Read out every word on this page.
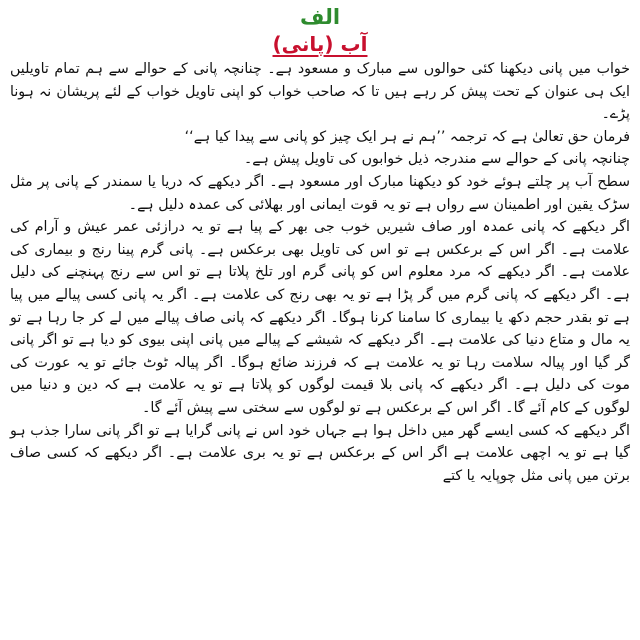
الف
آب (پانی)

خواب میں پانی دیکھنا کئی حوالوں سے مبارک و مسعود ہے۔ چنانچہ پانی کے حوالے سے ہم تمام تاویلیں ایک ہی عنوان کے تحت پیش کر رہے ہیں تا کہ صاحب خواب کو اپنی تاویل خواب کے لئے پریشان نہ ہونا پڑے۔

فرمان حق تعالیٰ ہے کہ ترجمہ ’’ہم نے ہر ایک چیز کو پانی سے پیدا کیا ہے‘‘

چنانچہ پانی کے حوالے سے مندرجہ ذیل خوابوں کی تاویل پیش ہے۔

سطح آب پر چلتے ہوئے خود کو دیکھنا مبارک اور مسعود ہے۔ اگر دیکھے کہ دریا یا سمندر کے پانی پر مثل سڑک یقین اور اطمینان سے رواں ہے تو یہ قوت ایمانی اور بھلائی کی عمدہ دلیل ہے۔

اگر دیکھے کہ پانی عمدہ اور صاف شیریں خوب جی بھر کے پیا ہے تو یہ درازئی عمر عیش و آرام کی علامت ہے۔ اگر اس کے برعکس ہے تو اس کی تاویل بھی برعکس ہے۔ پانی گرم پینا رنج و بیماری کی علامت ہے۔ اگر دیکھے کہ مرد معلوم اس کو پانی گرم اور تلخ پلاتا ہے تو اس سے رنج پہنچنے کی دلیل ہے۔ اگر دیکھے کہ پانی گرم میں گر پڑا ہے تو یہ بھی رنج کی علامت ہے۔ اگر یہ پانی کسی پیالے میں پیا ہے تو بقدر حجم دکھ یا بیماری کا سامنا کرنا ہوگا۔ اگر دیکھے کہ پانی صاف پیالے میں لے کر جا رہا ہے تو یہ مال و متاع دنیا کی علامت ہے۔ اگر دیکھے کہ شیشے کے پیالے میں پانی اپنی بیوی کو دیا ہے تو اگر پانی گر گیا اور پیالہ سلامت رہا تو یہ علامت ہے کہ فرزند ضائع ہوگا۔ اگر پیالہ ٹوٹ جائے تو یہ عورت کی موت کی دلیل ہے۔ اگر دیکھے کہ پانی بلا قیمت لوگوں کو پلاتا ہے تو یہ علامت ہے کہ دین و دنیا میں لوگوں کے کام آئے گا۔ اگر اس کے برعکس ہے تو لوگوں سے سختی سے پیش آئے گا۔

اگر دیکھے کہ کسی ایسے گھر میں داخل ہوا ہے جہاں خود اس نے پانی گرایا ہے تو اگر پانی سارا جذب ہو گیا ہے تو یہ اچھی علامت ہے اگر اس کے برعکس ہے تو یہ بری علامت ہے۔ اگر دیکھے کہ کسی صاف برتن میں پانی مثل چوپایہ یا کتے
